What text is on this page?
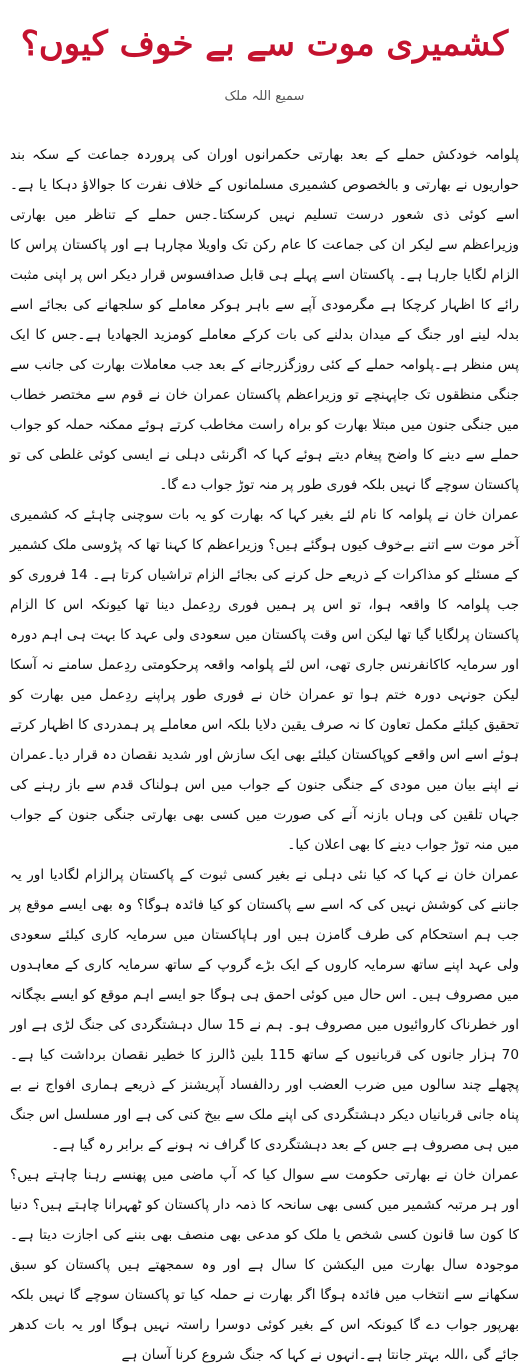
کشمیری موت سے بے خوف کیوں؟
سمیع اللہ ملک

پلوامہ خودکش حملے کے بعد بھارتی حکمرانوں اوران کی پروردہ جماعت کے سکہ بند حواریوں نے بھارتی و بالخصوص کشمیری مسلمانوں کے خلاف نفرت کا جوالاؤ دہکا یا ہے۔ اسے کوئی ذی شعور درست تسلیم نہیں کرسکتا۔جس حملے کے تناظر میں بھارتی وزیراعظم سے لیکر ان کی جماعت کا عام رکن تک واویلا مچارہا ہے اور پاکستان پراس کا الزام لگایا جارہا ہے۔ پاکستان اسے پہلے ہی قابل صدافسوس قرار دیکر اس پر اپنی مثبت رائے کا اظہار کرچکا ہے مگرمودی آپے سے باہر ہوکر معاملے کو سلجھانے کی بجائے اسے بدلہ لینے اور جنگ کے میدان بدلنے کی بات کرکے معاملے کومزید الجھادیا ہے۔جس کا ایک پس منظر ہے۔پلوامہ حملے کے کئی روزگزرجانے کے بعد جب معاملات بھارت کی جانب سے جنگی منظقوں تک جاپہنچے تو وزیراعظم پاکستان عمران خان نے قوم سے مختصر خطاب میں جنگی جنون میں مبتلا بھارت کو براہ راست مخاطب کرتے ہوئے ممکنہ حملہ کو جواب حملے سے دینے کا واضح پیغام دیتے ہوئے کہا کہ اگرنئی دہلی نے ایسی کوئی غلطی کی تو پاکستان سوچے گا نہیں بلکہ فوری طور پر منہ توڑ جواب دے گا۔

عمران خان نے پلوامہ کا نام لئے بغیر کہا کہ بھارت کو یہ بات سوچنی چاہئے کہ کشمیری آخر موت سے اتنے بےخوف کیوں ہوگئے ہیں؟ وزیراعظم کا کہنا تھا کہ پڑوسی ملک کشمیر کے مسئلے کو مذاکرات کے ذریعے حل کرنے کی بجائے الزام تراشیاں کرتا ہے۔ 14 فروری کو جب پلوامہ کا واقعہ ہوا، تو اس پر ہمیں فوری ردِعمل دینا تھا کیونکہ اس کا الزام پاکستان پرلگایا گیا تھا لیکن اس وقت پاکستان میں سعودی ولی عہد کا بہت ہی اہم دورہ اور سرمایہ کاکانفرنس جاری تھی، اس لئے پلوامہ واقعہ پرحکومتی ردِعمل سامنے نہ آسکا لیکن جونہی دورہ ختم ہوا تو عمران خان نے فوری طور پراپنے ردِعمل میں بھارت کو تحقیق کیلئے مکمل تعاون کا نہ صرف یقین دلایا بلکہ اس معاملے پر ہمدردی کا اظہار کرتے ہوئے اسے اس واقعے کوپاکستان کیلئے بھی ایک سازش اور شدید نقصان دہ قرار دیا۔عمران نے اپنے بیان میں مودی کے جنگی جنون کے جواب میں اس ہولناک قدم سے باز رہنے کی جہاں تلقین کی وہاں بازنہ آنے کی صورت میں کسی بھی بھارتی جنگی جنون کے جواب میں منہ توڑ جواب دینے کا بھی اعلان کیا۔

عمران خان نے کہا کہ کیا نئی دہلی نے بغیر کسی ثبوت کے پاکستان پرالزام لگادیا اور یہ جاننے کی کوشش نہیں کی کہ اسے سے پاکستان کو کیا فائدہ ہوگا؟ وہ بھی ایسے موقع پر جب ہم استحکام کی طرف گامزن ہیں اور ہاپاکستان میں سرمایہ کاری کیلئے سعودی ولی عہد اپنے ساتھ سرمایہ کاروں کے ایک بڑے گروپ کے ساتھ سرمایہ کاری کے معاہدوں میں مصروف ہیں۔ اس حال میں کوئی احمق ہی ہوگا جو ایسے اہم موقع کو ایسے بچگانہ اور خطرناک کاروائیوں میں مصروف ہو۔ ہم نے 15 سال دہشتگردی کی جنگ لڑی ہے اور 70 ہزار جانوں کی قربانیوں کے ساتھ 115 بلین ڈالرز کا خطیر نقصان برداشت کیا ہے۔ پچھلے چند سالوں میں ضرب العضب اور ردالفساد آپریشنز کے ذریعے ہماری افواج نے بے پناہ جانی قربانیاں دیکر دہشتگردی کی اپنے ملک سے بیخ کنی کی ہے اور مسلسل اس جنگ میں ہی مصروف ہے جس کے بعد دہشتگردی کا گراف نہ ہونے کے برابر رہ گیا ہے۔

عمران خان نے بھارتی حکومت سے سوال کیا کہ آپ ماضی میں پھنسے رہنا چاہتے ہیں؟ اور ہر مرتبہ کشمیر میں کسی بھی سانحہ کا ذمہ دار پاکستان کو ٹھہرانا چاہتے ہیں؟ دنیا کا کون سا قانون کسی شخص یا ملک کو مدعی بھی منصف بھی بننے کی اجازت دیتا ہے۔ موجودہ سال بھارت میں الیکشن کا سال ہے اور وہ سمجھتے ہیں پاکستان کو سبق سکھانے سے انتخاب میں فائدہ ہوگا اگر بھارت نے حملہ کیا تو پاکستان سوچے گا نہیں بلکہ بھرپور جواب دے گا کیونکہ اس کے بغیر کوئی دوسرا راستہ نہیں ہوگا اور یہ بات کدھر جائے گی ،اللہ بہتر جانتا ہے۔انہوں نے کہا کہ جنگ شروع کرنا آسان ہے
